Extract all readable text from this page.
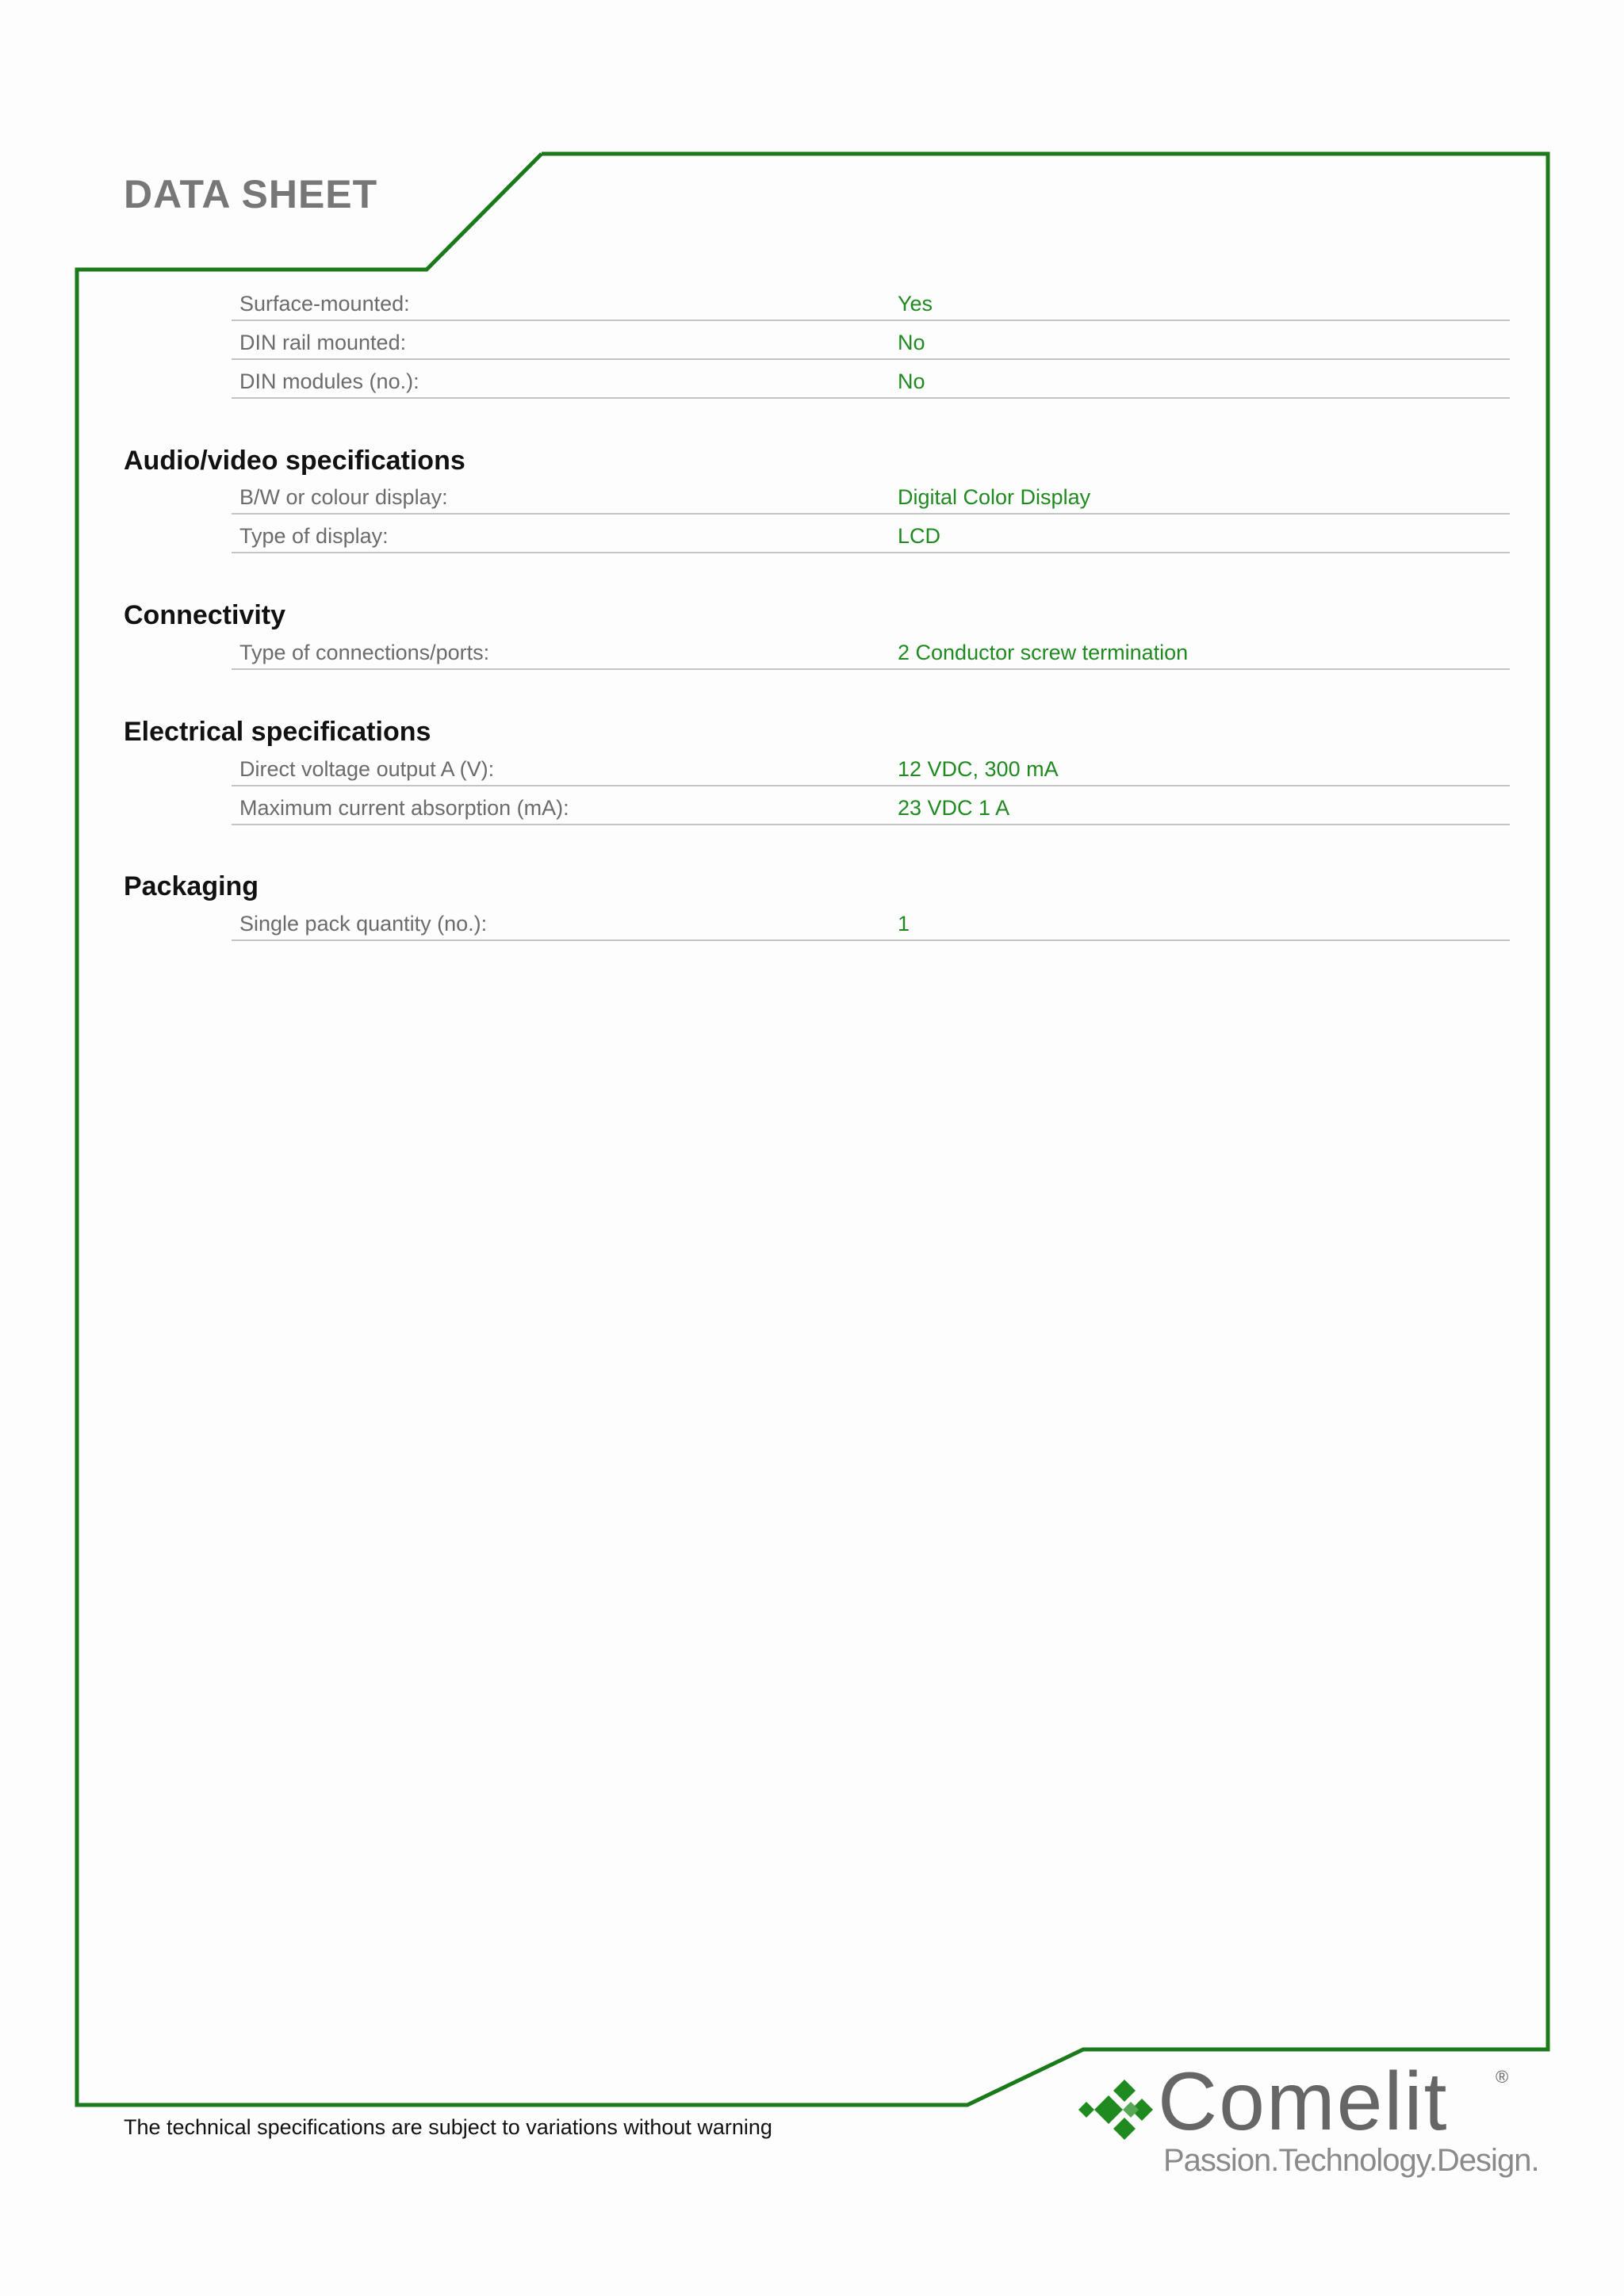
DATA SHEET
Surface-mounted:	Yes
DIN rail mounted:	No
DIN modules (no.):	No
Audio/video specifications
B/W or colour display:	Digital Color Display
Type of display:	LCD
Connectivity
Type of connections/ports:	2 Conductor screw termination
Electrical specifications
Direct voltage output A (V):	12 VDC, 300 mA
Maximum current absorption (mA):	23 VDC 1 A
Packaging
Single pack quantity (no.):	1
The technical specifications are subject to variations without warning	Comelit	®
Passion.Technology.Design.
